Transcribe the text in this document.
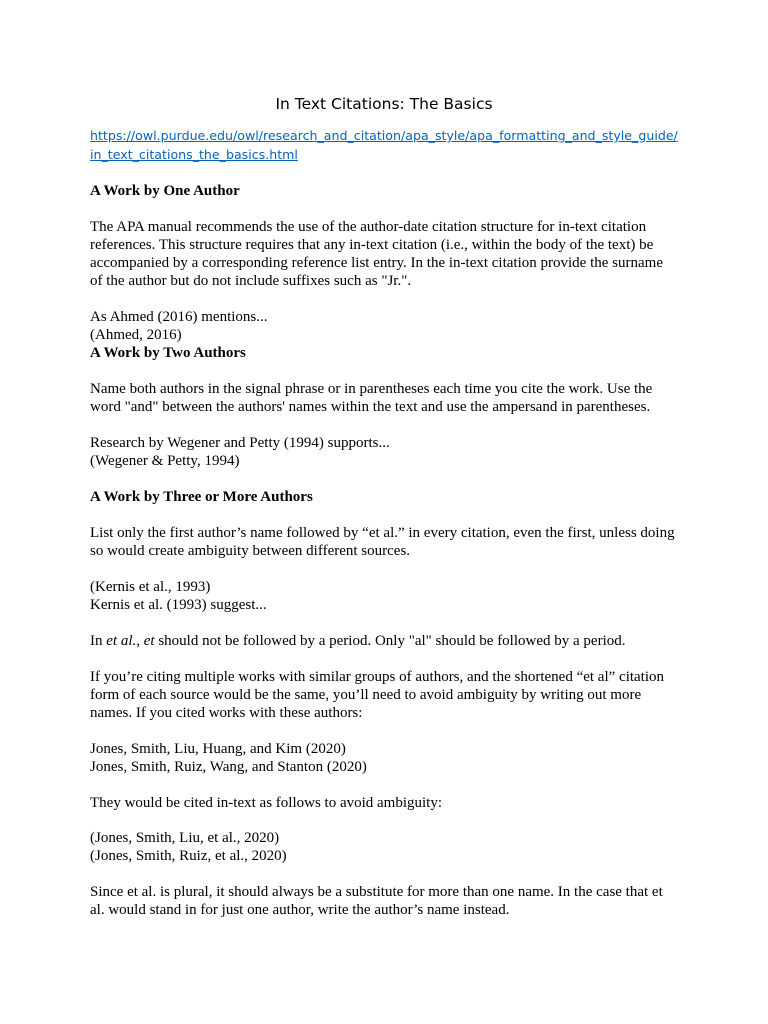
In Text Citations: The Basics
https://owl.purdue.edu/owl/research_and_citation/apa_style/apa_formatting_and_style_guide/
in_text_citations_the_basics.html
A Work by One Author
The APA manual recommends the use of the author-date citation structure for in-text citation
references. This structure requires that any in-text citation (i.e., within the body of the text) be
accompanied by a corresponding reference list entry. In the in-text citation provide the surname
of the author but do not include suffixes such as "Jr.".
As Ahmed (2016) mentions...
(Ahmed, 2016)
A Work by Two Authors
Name both authors in the signal phrase or in parentheses each time you cite the work. Use the
word "and" between the authors' names within the text and use the ampersand in parentheses.
Research by Wegener and Petty (1994) supports...
(Wegener & Petty, 1994)
A Work by Three or More Authors
List only the first author’s name followed by “et al.” in every citation, even the first, unless doing
so would create ambiguity between different sources.
(Kernis et al., 1993)
Kernis et al. (1993) suggest...
In et al., et should not be followed by a period. Only "al" should be followed by a period.
If you’re citing multiple works with similar groups of authors, and the shortened “et al” citation
form of each source would be the same, you’ll need to avoid ambiguity by writing out more
names. If you cited works with these authors:
Jones, Smith, Liu, Huang, and Kim (2020)
Jones, Smith, Ruiz, Wang, and Stanton (2020)
They would be cited in-text as follows to avoid ambiguity:
(Jones, Smith, Liu, et al., 2020)
(Jones, Smith, Ruiz, et al., 2020)
Since et al. is plural, it should always be a substitute for more than one name. In the case that et
al. would stand in for just one author, write the author’s name instead.
